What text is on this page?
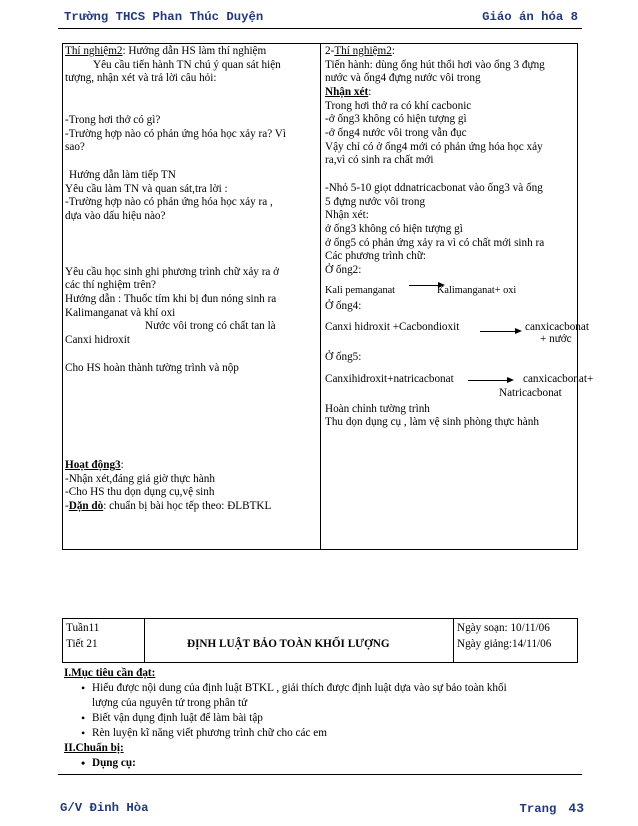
Trường THCS Phan Thúc Duyện	Giáo án hóa 8
Thí nghiệm2: Hướng dẫn HS làm thí nghiệm
Yêu cầu tiến hành TN chú ý quan sát hiện
tượng, nhận xét và trả lời câu hỏi:
-Trong hơi thở có gì?
-Trường hợp nào có phản ứng hóa học xảy ra? Vì
sao?
Hướng dẫn làm tiếp TN
Yêu cầu làm TN và quan sát,tra lời :
-Trường hợp nào có phản ứng hóa học xảy ra ,
dựa vào dấu hiệu nào?
Yêu cầu học sinh ghi phương trình chữ xảy ra ở
các thí nghiệm trên?
Hướng dẫn : Thuốc tím khi bị đun nóng sinh ra
Kalimanganat và khí oxi
Nước vôi trong có chất tan là
Canxi hidroxit
Cho HS hoàn thành tường trình và nộp
Hoạt động3:
-Nhận xét,đáng giá giờ thực hành
-Cho HS thu dọn dụng cụ,vệ sinh
-Dặn dò: chuẩn bị bài học tếp theo: ĐLBTKL
2-Thí nghiệm2:
Tiến hành: dùng ống hút thổi hơi vào ống 3 đựng
nước và ống4 đựng nước vôi trong
Nhận xét:
Trong hơi thở ra có khí cacbonic
-ở ống3 không có hiện tượng gì
-ở ống4 nước vôi trong vẫn đục
Vậy chỉ có ở ống4 mới có phản ứng hóa học xảy
ra,vì có sinh ra chất mới
-Nhỏ 5-10 giọt ddnatricacbonat vào ống3 và ống
5 đựng nước vôi trong
Nhận xét:
ở ống3 không có hiện tượng gì
ở ống5 có phản ứng xảy ra vì có chất mới sinh ra
Các phương trình chữ:
Ở ống2:
Kali pemanganat →
Kalimanganat+ oxi
Ở ống4:
Canxi hidroxit +Cacbondioxit → canxicacbonat
+ nước
Ở ống5:
Canxihidroxit+natricacbonat → canxicacbonat+
Natricacbonat
Hoàn chỉnh tường trình
Thu dọn dụng cụ , làm vệ sinh phòng thực hành
Tuần11
Tiết 21	ĐỊNH LUẬT BẢO TOÀN KHỐI LƯỢNG
Ngày soạn: 10/11/06
Ngày giảng:14/11/06
I.Mục tiêu cần đạt:
• Hiểu được nội dung của định luật BTKL , giải thích được định luật dựa vào sự bảo toàn khối
lượng của nguyên tử trong phân tử
• Biết vận dụng định luật để làm bài tập
• Rèn luyện kĩ năng viết phương trình chữ cho các em
II.Chuẩn bị:
• Dụng cụ:
G/V Đinh Hòa	Trang 43
